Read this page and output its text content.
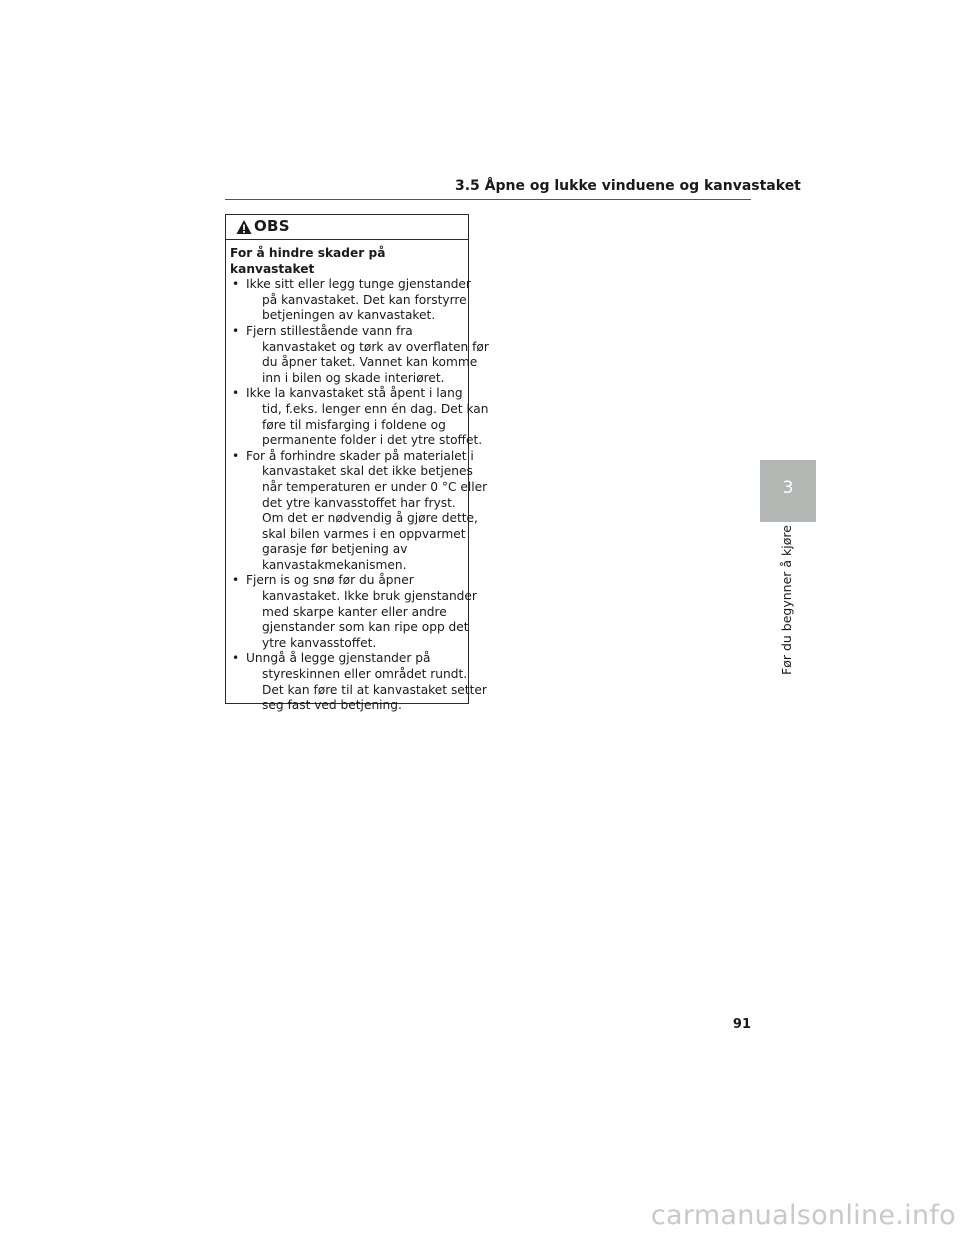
3.5 Åpne og lukke vinduene og kanvastaket
OBS
For å hindre skader på kanvastaket
• Ikke sitt eller legg tunge gjenstander
på kanvastaket. Det kan forstyrre
betjeningen av kanvastaket.
• Fjern stillestående vann fra
kanvastaket og tørk av overflaten før
du åpner taket. Vannet kan komme
inn i bilen og skade interiøret.
• Ikke la kanvastaket stå åpent i lang
tid, f.eks. lenger enn én dag. Det kan
føre til misfarging i foldene og
permanente folder i det ytre stoffet.
• For å forhindre skader på materialet i
kanvastaket skal det ikke betjenes
når temperaturen er under 0 °C eller
det ytre kanvasstoffet har fryst.
Om det er nødvendig å gjøre dette,
skal bilen varmes i en oppvarmet
garasje før betjening av
kanvastakmekanismen.
• Fjern is og snø før du åpner
kanvastaket. Ikke bruk gjenstander
med skarpe kanter eller andre
gjenstander som kan ripe opp det
ytre kanvasstoffet.
• Unngå å legge gjenstander på
styreskinnen eller området rundt.
Det kan føre til at kanvastaket setter
seg fast ved betjening.
3
Før du begynner å kjøre
91
carmanualsonline.info
